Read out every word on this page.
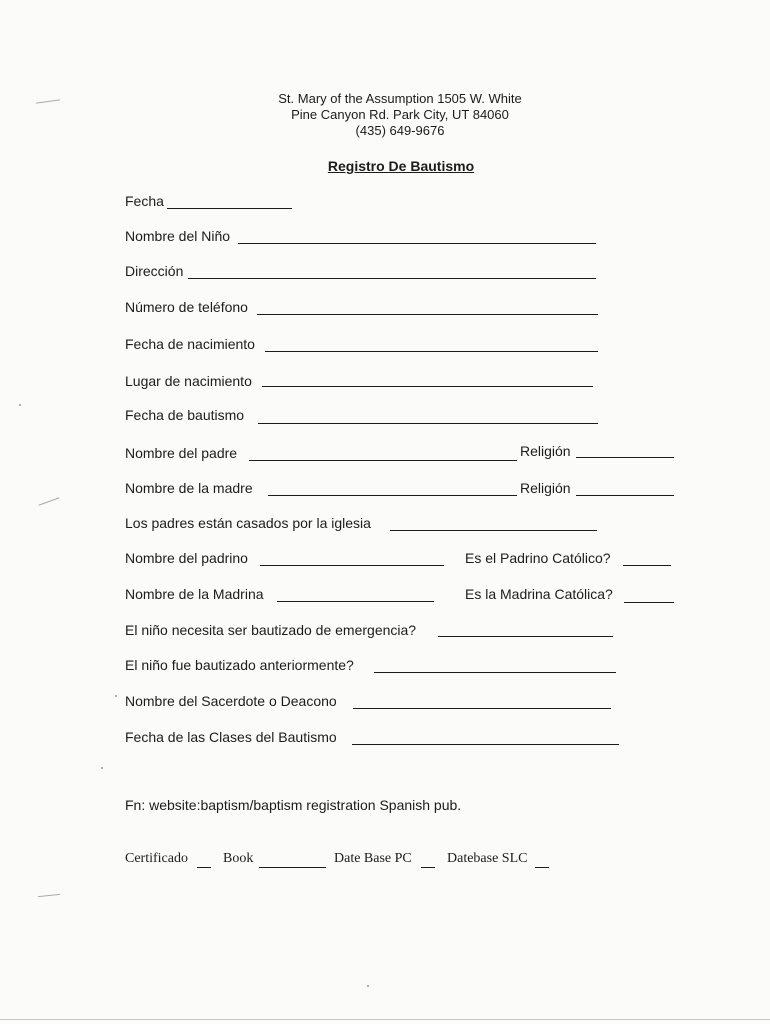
St. Mary of the Assumption 1505 W. White
Pine Canyon Rd. Park City, UT 84060
(435) 649-9676
Registro De Bautismo
Fecha
Nombre del Niño
Dirección
Número de teléfono
Fecha de nacimiento
Lugar de nacimiento
Fecha de bautismo
Nombre del padre	Religión
Nombre de la madre	Religión
Los padres están casados por la iglesia
Nombre del padrino	Es el Padrino Católico?
Nombre de la Madrina	Es la Madrina Católica?
El niño necesita ser bautizado de emergencia?
El niño fue bautizado anteriormente?
Nombre del Sacerdote o Deacono
Fecha de las Clases del Bautismo
Fn: website:baptism/baptism registration Spanish pub.
Certificado	Book	Date Base PC	Datebase SLC
